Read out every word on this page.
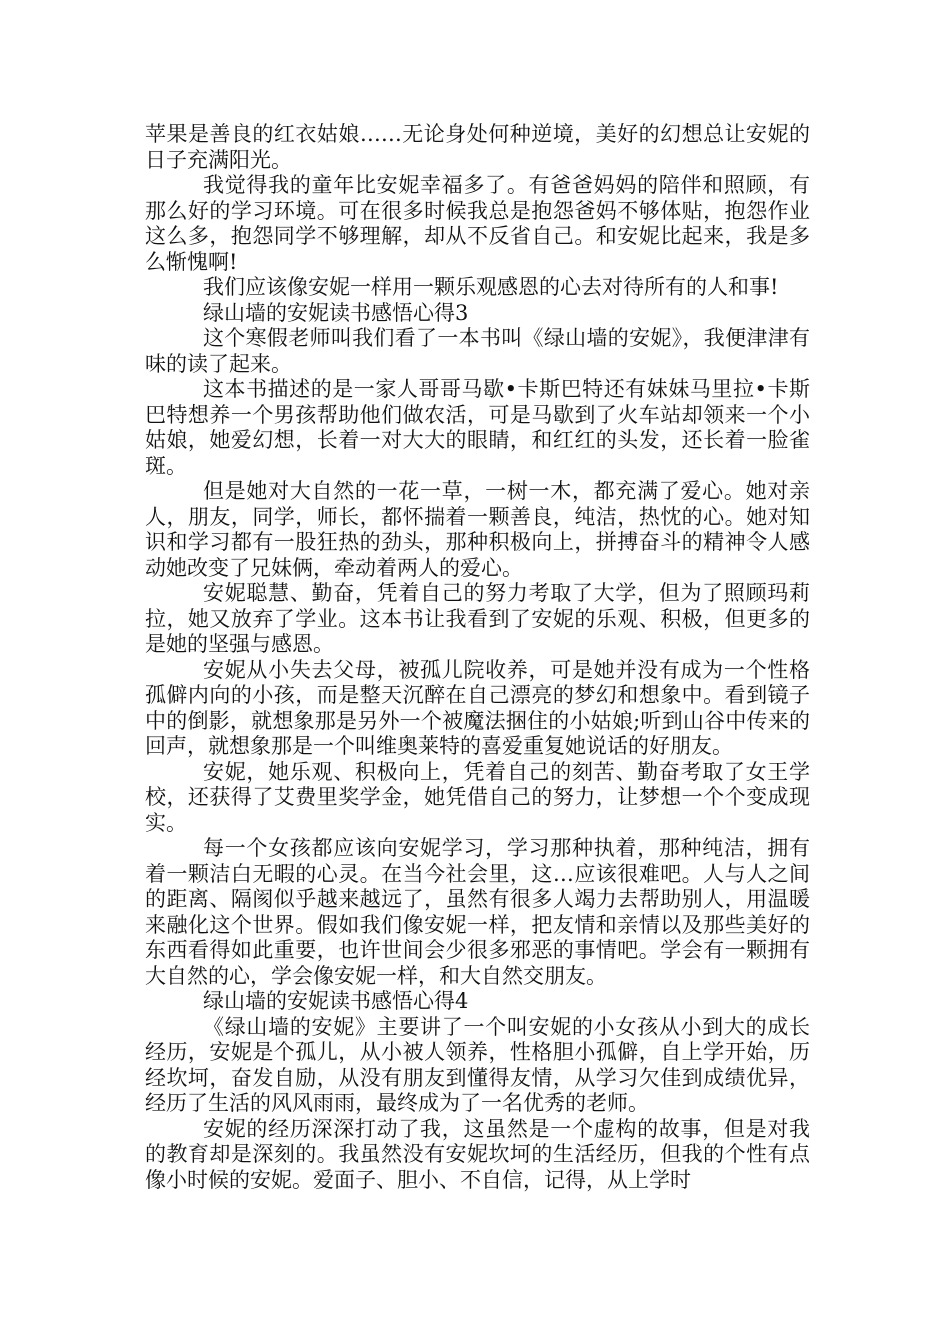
苹果是善良的红衣姑娘……无论身处何种逆境，美好的幻想总让安妮的日子充满阳光。

我觉得我的童年比安妮幸福多了。有爸爸妈妈的陪伴和照顾，有那么好的学习环境。可在很多时候我总是抱怨爸妈不够体贴，抱怨作业这么多，抱怨同学不够理解，却从不反省自己。和安妮比起来，我是多么惭愧啊!

我们应该像安妮一样用一颗乐观感恩的心去对待所有的人和事!

绿山墙的安妮读书感悟心得3

这个寒假老师叫我们看了一本书叫《绿山墙的安妮》，我便津津有味的读了起来。

这本书描述的是一家人哥哥马歇•卡斯巴特还有妹妹马里拉•卡斯巴特想养一个男孩帮助他们做农活，可是马歇到了火车站却领来一个小姑娘，她爱幻想，长着一对大大的眼睛，和红红的头发，还长着一脸雀斑。

但是她对大自然的一花一草，一树一木，都充满了爱心。她对亲人，朋友，同学，师长，都怀揣着一颗善良，纯洁，热忱的心。她对知识和学习都有一股狂热的劲头，那种积极向上，拼搏奋斗的精神令人感动她改变了兄妹俩，牵动着两人的爱心。

安妮聪慧、勤奋，凭着自己的努力考取了大学，但为了照顾玛莉拉，她又放弃了学业。这本书让我看到了安妮的乐观、积极，但更多的是她的坚强与感恩。

安妮从小失去父母，被孤儿院收养，可是她并没有成为一个性格孤僻内向的小孩，而是整天沉醉在自己漂亮的梦幻和想象中。看到镜子中的倒影，就想象那是另外一个被魔法捆住的小姑娘;听到山谷中传来的回声，就想象那是一个叫维奥莱特的喜爱重复她说话的好朋友。

安妮，她乐观、积极向上，凭着自己的刻苦、勤奋考取了女王学校，还获得了艾费里奖学金，她凭借自己的努力，让梦想一个个变成现实。

每一个女孩都应该向安妮学习，学习那种执着，那种纯洁，拥有着一颗洁白无暇的心灵。在当今社会里，这…应该很难吧。人与人之间的距离、隔阂似乎越来越远了，虽然有很多人竭力去帮助别人，用温暖来融化这个世界。假如我们像安妮一样，把友情和亲情以及那些美好的东西看得如此重要，也许世间会少很多邪恶的事情吧。学会有一颗拥有大自然的心，学会像安妮一样，和大自然交朋友。

绿山墙的安妮读书感悟心得4

《绿山墙的安妮》主要讲了一个叫安妮的小女孩从小到大的成长经历，安妮是个孤儿，从小被人领养，性格胆小孤僻，自上学开始，历经坎坷，奋发自励，从没有朋友到懂得友情，从学习欠佳到成绩优异，经历了生活的风风雨雨，最终成为了一名优秀的老师。

安妮的经历深深打动了我，这虽然是一个虚构的故事，但是对我的教育却是深刻的。我虽然没有安妮坎坷的生活经历，但我的个性有点像小时候的安妮。爱面子、胆小、不自信，记得，从上学时
